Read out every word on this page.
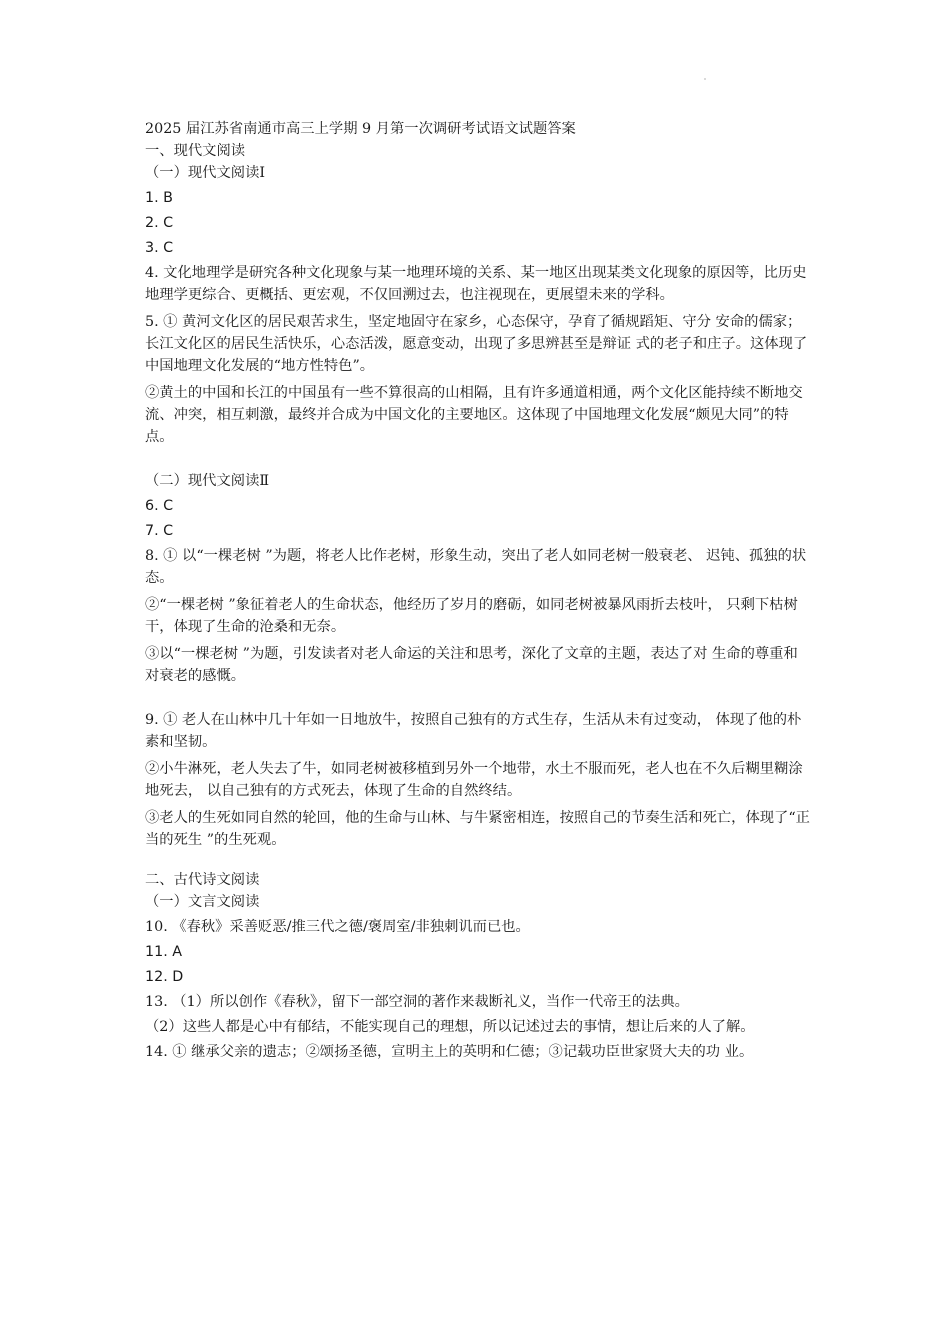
2025 届江苏省南通市高三上学期 9 月第一次调研考试语文试题答案

一、现代文阅读

（一）现代文阅读Ⅰ

1. B

2. C

3. C

4. 文化地理学是研究各种文化现象与某一地理环境的关系、某一地区出现某类文化现象的原因等，比历史地理学更综合、更概括、更宏观，不仅回溯过去，也注视现在，更展望未来的学科。

5. ① 黄河文化区的居民艰苦求生，坚定地固守在家乡，心态保守，孕育了循规蹈矩、守分 安命的儒家；长江文化区的居民生活快乐，心态活泼，愿意变动，出现了多思辨甚至是辩证 式的老子和庄子。这体现了中国地理文化发展的“地方性特色”。

②黄土的中国和长江的中国虽有一些不算很高的山相隔，且有许多通道相通，两个文化区能持续不断地交流、冲突，相互刺激，最终并合成为中国文化的主要地区。这体现了中国地理文化发展“颇见大同”的特点。

（二）现代文阅读Ⅱ

6. C

7. C

8. ① 以“一棵老树 ”为题，将老人比作老树，形象生动，突出了老人如同老树一般衰老、 迟钝、孤独的状态。

②“一棵老树 ”象征着老人的生命状态，他经历了岁月的磨砺，如同老树被暴风雨折去枝叶， 只剩下枯树干，体现了生命的沧桑和无奈。

③以“一棵老树 ”为题，引发读者对老人命运的关注和思考，深化了文章的主题，表达了对 生命的尊重和对衰老的感慨。

9. ① 老人在山林中几十年如一日地放牛，按照自己独有的方式生存，生活从未有过变动， 体现了他的朴素和坚韧。

②小牛淋死，老人失去了牛，如同老树被移植到另外一个地带，水土不服而死，老人也在不久后糊里糊涂地死去， 以自己独有的方式死去，体现了生命的自然终结。

③老人的生死如同自然的轮回，他的生命与山林、与牛紧密相连，按照自己的节奏生活和死亡，体现了“正当的死生 ”的生死观。

二、古代诗文阅读

（一）文言文阅读

10. 《春秋》采善贬恶/推三代之德/褒周室/非独刺讥而已也。

11. A

12. D

13. （1）所以创作《春秋》，留下一部空洞的著作来裁断礼义，当作一代帝王的法典。

（2）这些人都是心中有郁结，不能实现自己的理想，所以记述过去的事情，想让后来的人了解。

14. ① 继承父亲的遗志；②颂扬圣德，宣明主上的英明和仁德；③记载功臣世家贤大夫的功 业。
